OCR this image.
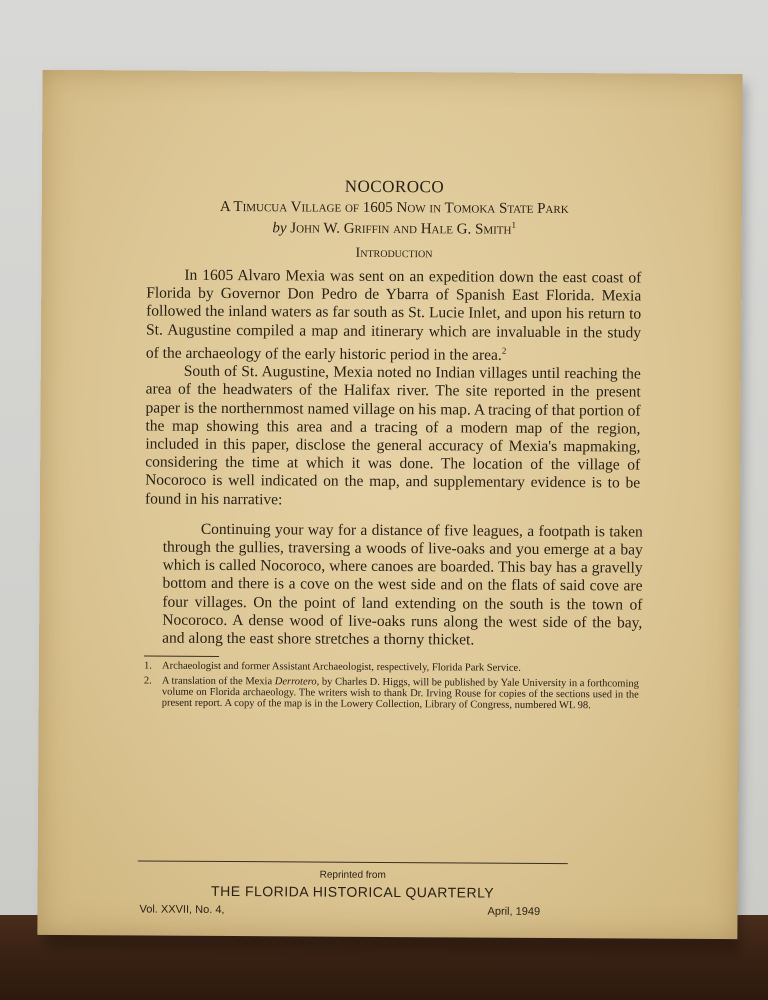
NOCOROCO
A Timucua Village of 1605 Now in Tomoka State Park
by John W. Griffin and Hale G. Smith$^1$
Introduction

In 1605 Alvaro Mexia was sent on an expedition down the east coast of Florida by Governor Don Pedro de Ybarra of Spanish East Florida. Mexia followed the inland waters as far south as St. Lucie Inlet, and upon his return to St. Augustine compiled a map and itinerary which are invaluable in the study of the archaeology of the early historic period in the area.$^2$

South of St. Augustine, Mexia noted no Indian villages until reaching the area of the headwaters of the Halifax river. The site reported in the present paper is the northernmost named village on his map. A tracing of that portion of the map showing this area and a tracing of a modern map of the region, included in this paper, disclose the general accuracy of Mexia's mapmaking, considering the time at which it was done. The location of the village of Nocoroco is well indicated on the map, and supplementary evidence is to be found in his narrative:

Continuing your way for a distance of five leagues, a footpath is taken through the gullies, traversing a woods of live-oaks and you emerge at a bay which is called Nocoroco, where canoes are boarded. This bay has a gravelly bottom and there is a cove on the west side and on the flats of said cove are four villages. On the point of land extending on the south is the town of Nocoroco. A dense wood of live-oaks runs along the west side of the bay, and along the east shore stretches a thorny thicket.
1. Archaeologist and former Assistant Archaeologist, respectively, Florida Park Service.
2. A translation of the Mexia Derrotero, by Charles D. Higgs, will be published by Yale University in a forthcoming volume on Florida archaeology. The writers wish to thank Dr. Irving Rouse for copies of the sections used in the present report. A copy of the map is in the Lowery Collection, Library of Congress, numbered WL 98.
Reprinted from
THE FLORIDA HISTORICAL QUARTERLY
Vol. XXVII, No. 4,	April, 1949
